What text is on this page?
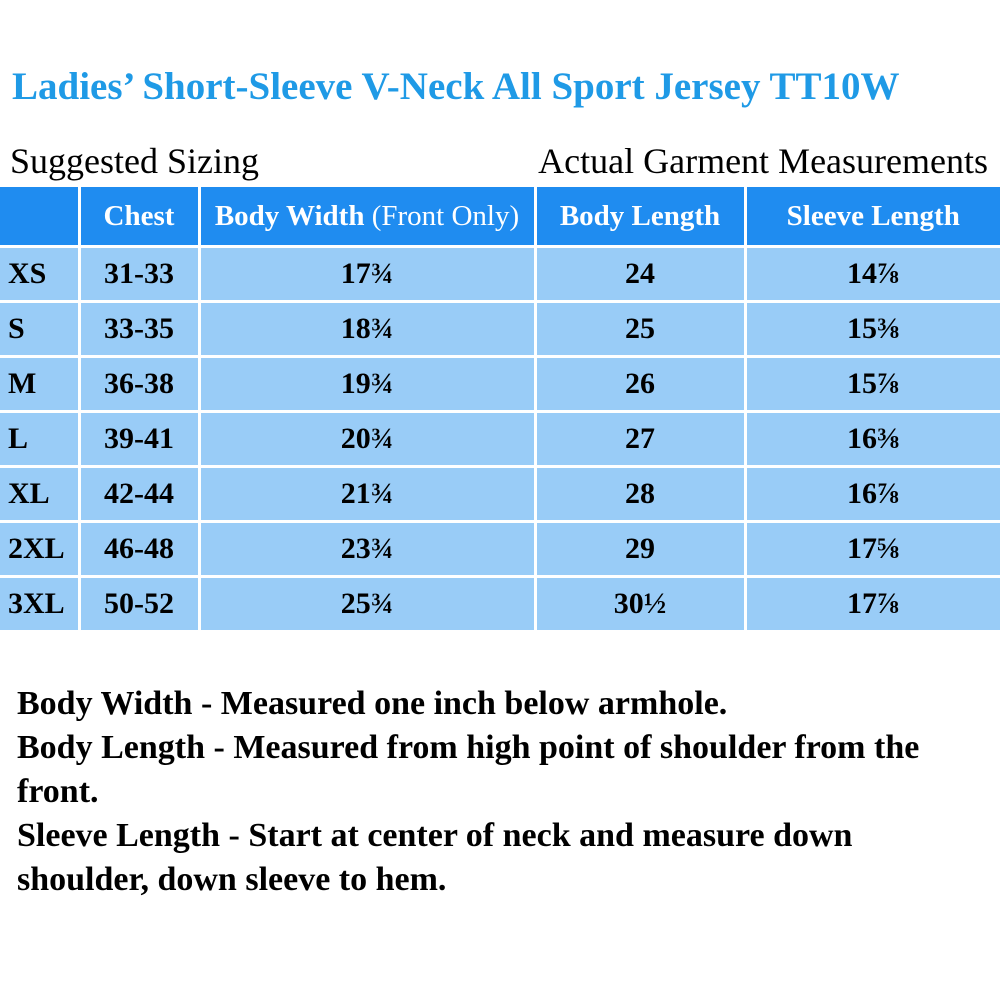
Ladies’ Short-Sleeve V-Neck All Sport Jersey TT10W
Suggested Sizing	Actual Garment Measurements
	Chest	Body Width (Front Only)	Body Length	Sleeve Length
XS	31-33	17¾	24	14⅞
S	33-35	18¾	25	15⅜
M	36-38	19¾	26	15⅞
L	39-41	20¾	27	16⅜
XL	42-44	21¾	28	16⅞
2XL	46-48	23¾	29	17⅝
3XL	50-52	25¾	30½	17⅞

Body Width - Measured one inch below armhole.

Body Length - Measured from high point of shoulder from the front.

Sleeve Length - Start at center of neck and measure down shoulder, down sleeve to hem.
